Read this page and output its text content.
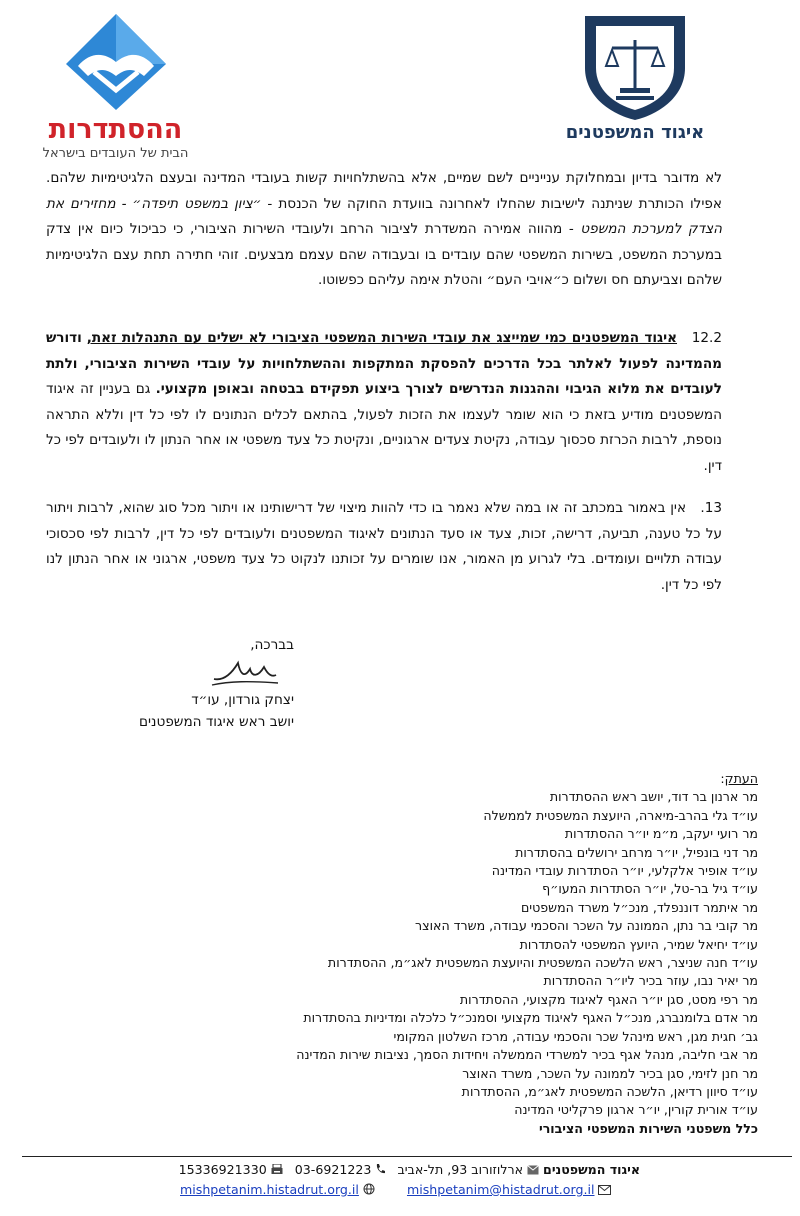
ההסתדרות
הבית של העובדים בישראל
איגוד המשפטנים
לא מדובר בדיון ובמחלוקת ענייניים לשם שמיים, אלא בהשתלחויות קשות בעובדי המדינה ובעצם הלגיטימיות שלהם. אפילו הכותרת שניתנה לישיבות שהחלו לאחרונה בוועדת החוקה של הכנסת - ״ציון במשפט תיפדה״ - מחזירים את הצדק למערכת המשפט - מהווה אמירה המשדרת לציבור הרחב ולעובדי השירות הציבורי, כי כביכול כיום אין צדק במערכת המשפט, בשירות המשפטי שהם עובדים בו ובעבודה שהם עצמם מבצעים. זוהי חתירה תחת עצם הלגיטימיות שלהם וצביעתם חס ושלום כ״אויבי העם״ והטלת אימה עליהם כפשוטו.
12.2   איגוד המשפטנים כמי שמייצג את עובדי השירות המשפטי הציבורי לא ישלים עם התנהלות זאת, ודורש מהמדינה לפעול לאלתר בכל הדרכים להפסקת המתקפות וההשתלחויות על עובדי השירות הציבורי, ולתת לעובדים את מלוא הגיבוי וההגנות הנדרשים לצורך ביצוע תפקידם בבטחה ובאופן מקצועי. גם בעניין זה איגוד המשפטנים מודיע בזאת כי הוא שומר לעצמו את הזכות לפעול, בהתאם לכלים הנתונים לו לפי כל דין וללא התראה נוספת, לרבות הכרזת סכסוך עבודה, נקיטת צעדים ארגוניים, ונקיטת כל צעד משפטי או אחר הנתון לו ולעובדים לפי כל דין.
13.   אין באמור במכתב זה או במה שלא נאמר בו כדי להוות מיצוי של דרישותינו או ויתור מכל סוג שהוא, לרבות ויתור על כל טענה, תביעה, דרישה, זכות, צעד או סעד הנתונים לאיגוד המשפטנים ולעובדים לפי כל דין, לרבות לפי סכסוכי עבודה תלויים ועומדים. בלי לגרוע מן האמור, אנו שומרים על זכותנו לנקוט כל צעד משפטי, ארגוני או אחר הנתון לנו לפי כל דין.
בברכה,
יצחק גורדון, עו״ד
יושב ראש איגוד המשפטנים
העתק:
מר ארנון בר דוד, יושב ראש ההסתדרות
עו״ד גלי בהרב-מיארה, היועצת המשפטית לממשלה
מר רועי יעקב, מ״מ יו״ר ההסתדרות
מר דני בונפיל, יו״ר מרחב ירושלים בהסתדרות
עו״ד אופיר אלקלעי, יו״ר הסתדרות עובדי המדינה
עו״ד גיל בר-טל, יו״ר הסתדרות המעו״ף
מר איתמר דוננפלד, מנכ״ל משרד המשפטים
מר קובי בר נתן, הממונה על השכר והסכמי עבודה, משרד האוצר
עו״ד יחיאל שמיר, היועץ המשפטי להסתדרות
עו״ד חנה שניצר, ראש הלשכה המשפטית והיועצת המשפטית לאג״מ, ההסתדרות
מר יאיר נבו, עוזר בכיר ליו״ר ההסתדרות
מר רפי מסט, סגן יו״ר האגף לאיגוד מקצועי, ההסתדרות
מר אדם בלומנברג, מנכ״ל האגף לאיגוד מקצועי וסמנכ״ל כלכלה ומדיניות בהסתדרות
גב׳ חגית מגן, ראש מינהל שכר והסכמי עבודה, מרכז השלטון המקומי
מר אבי חליבה, מנהל אגף בכיר למשרדי הממשלה ויחידות הסמך, נציבות שירות המדינה
מר חנן לזימי, סגן בכיר לממונה על השכר, משרד האוצר
עו״ד סיוון רדיאן, הלשכה המשפטית לאג״מ, ההסתדרות
עו״ד אורית קורין, יו״ר ארגון פרקליטי המדינה
כלל משפטני השירות המשפטי הציבורי
איגוד המשפטנים  ארלוזורוב 93, תל-אביב    03-6921223    15336921330
mishpetanim.histadrut.org.il	mishpetanim@histadrut.org.il
